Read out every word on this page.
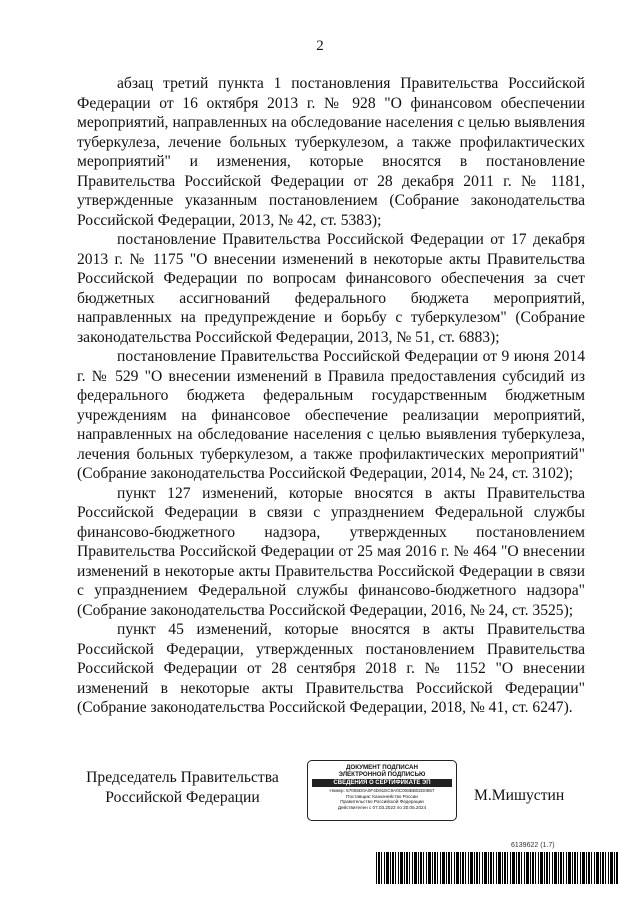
2

абзац третий пункта 1 постановления Правительства Российской Федерации от 16 октября 2013 г. № 928 "О финансовом обеспечении мероприятий, направленных на обследование населения с целью выявления туберкулеза, лечение больных туберкулезом, а также профилактических мероприятий" и изменения, которые вносятся в постановление Правительства Российской Федерации от 28 декабря 2011 г. № 1181, утвержденные указанным постановлением (Собрание законодательства Российской Федерации, 2013, № 42, ст. 5383);

постановление Правительства Российской Федерации от 17 декабря 2013 г. № 1175 "О внесении изменений в некоторые акты Правительства Российской Федерации по вопросам финансового обеспечения за счет бюджетных ассигнований федерального бюджета мероприятий, направленных на предупреждение и борьбу с туберкулезом" (Собрание законодательства Российской Федерации, 2013, № 51, ст. 6883);

постановление Правительства Российской Федерации от 9 июня 2014 г. № 529 "О внесении изменений в Правила предоставления субсидий из федерального бюджета федеральным государственным бюджетным учреждениям на финансовое обеспечение реализации мероприятий, направленных на обследование населения с целью выявления туберкулеза, лечения больных туберкулезом, а также профилактических мероприятий" (Собрание законодательства Российской Федерации, 2014, № 24, ст. 3102);

пункт 127 изменений, которые вносятся в акты Правительства Российской Федерации в связи с упразднением Федеральной службы финансово-бюджетного надзора, утвержденных постановлением Правительства Российской Федерации от 25 мая 2016 г. № 464 "О внесении изменений в некоторые акты Правительства Российской Федерации в связи с упразднением Федеральной службы финансово-бюджетного надзора" (Собрание законодательства Российской Федерации, 2016, № 24, ст. 3525);

пункт 45 изменений, которые вносятся в акты Правительства Российской Федерации, утвержденных постановлением Правительства Российской Федерации от 28 сентября 2018 г. № 1152 "О внесении изменений в некоторые акты Правительства Российской Федерации" (Собрание законодательства Российской Федерации, 2018, № 41, ст. 6247).

Председатель Правительства
Российской Федерации
ДОКУМЕНТ ПОДПИСАН
ЭЛЕКТРОННОЙ ПОДПИСЬЮ
СВЕДЕНИЯ О СЕРТИФИКАТЕ ЭП
Номер: 57055D0A0F4D91EC9A0C008BB02D0857
Поставщик: Казначейство России
Правительство Российской Федерации
Действителен с 07.03.2023 по 30.05.2024
М.Мишустин
6139622 (1.7)
